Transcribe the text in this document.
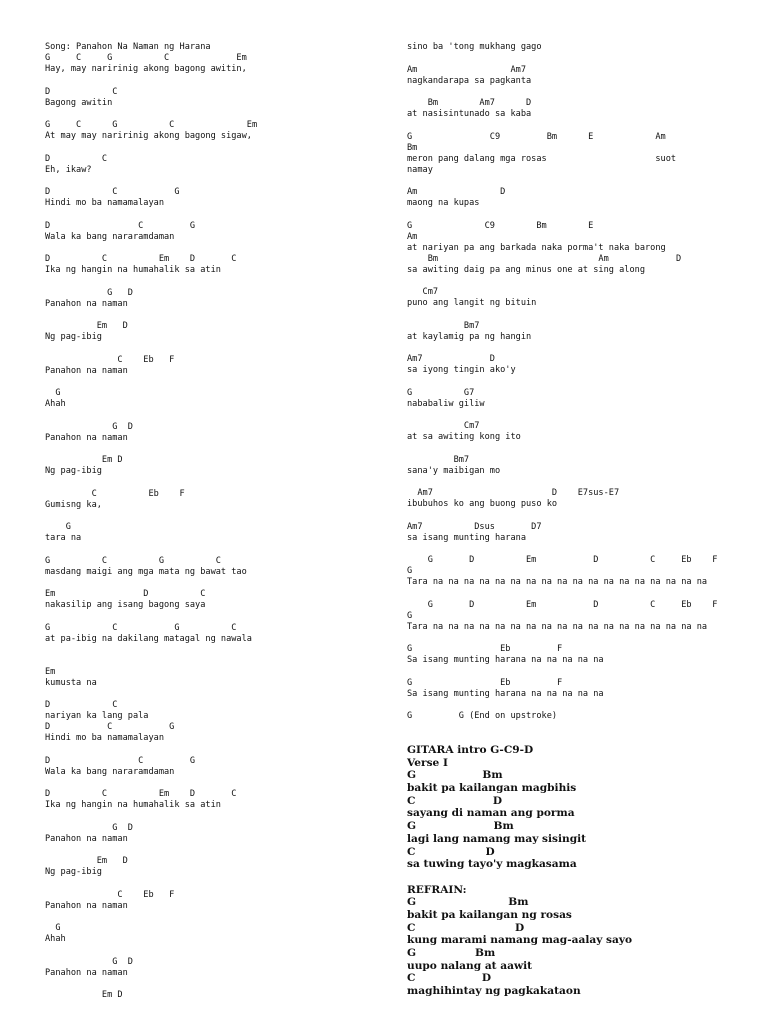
Song: Panahon Na Naman ng Harana
G     C     G          C             Em
Hay, may naririnig akong bagong awitin,
D            C
Bagong awitin
G     C      G          C              Em
At may may naririnig akong bagong sigaw,
D          C
Eh, ikaw?
D            C           G
Hindi mo ba namamalayan
D                 C         G
Wala ka bang nararamdaman
D          C          Em    D       C
Ika ng hangin na humahalik sa atin
G   D
Panahon na naman
Em   D
Ng pag-ibig
C    Eb   F
Panahon na naman
G
Ahah
G  D
Panahon na naman
Em D
Ng pag-ibig
C          Eb    F
Gumisng ka,
G
tara na
G          C          G          C
masdang maigi ang mga mata ng bawat tao
Em                 D          C
nakasilip ang isang bagong saya
G            C           G          C
at pa-ibig na dakilang matagal ng nawala
Em
kumusta na
D            C
nariyan ka lang pala
D           C           G
Hindi mo ba namamalayan
D                 C         G
Wala ka bang nararamdaman
D          C          Em    D       C
Ika ng hangin na humahalik sa atin
G  D
Panahon na naman
Em   D
Ng pag-ibig
C    Eb   F
Panahon na naman
G
Ahah
G  D
Panahon na naman
Em D
sino ba 'tong mukhang gago
Am                  Am7
nagkandarapa sa pagkanta
Bm        Am7      D
at nasisintunado sa kaba
G               C9         Bm      E            Am
Bm
meron pang dalang mga rosas                     suot
namay
Am                D
maong na kupas
G              C9        Bm        E
Am
at nariyan pa ang barkada naka porma't naka barong
Bm                               Am             D
sa awiting daig pa ang minus one at sing along
Cm7
puno ang langit ng bituin
Bm7
at kaylamig pa ng hangin
Am7             D
sa iyong tingin ako'y
G          G7
nababaliw giliw
Cm7
at sa awiting kong ito
Bm7
sana'y maibigan mo
Am7                       D    E7sus-E7
ibubuhos ko ang buong puso ko
Am7          Dsus       D7
sa isang munting harana
G       D          Em           D          C     Eb    F
G
Tara na na na na na na na na na na na na na na na na na na
G       D          Em           D          C     Eb    F
G
Tara na na na na na na na na na na na na na na na na na na
G                 Eb         F
Sa isang munting harana na na na na na
G                 Eb         F
Sa isang munting harana na na na na na
G         G (End on upstroke)
GITARA intro G-C9-D
Verse I
G                  Bm
bakit pa kailangan magbihis
C                     D
sayang di naman ang porma
G                     Bm
lagi lang namang may sisingit
C                   D
sa tuwing tayo'y magkasama
REFRAIN:
G                         Bm
bakit pa kailangan ng rosas
C                           D
kung marami namang mag-aalay sayo
G                Bm
uupo nalang at aawit
C                  D
maghihintay ng pagkakataon
